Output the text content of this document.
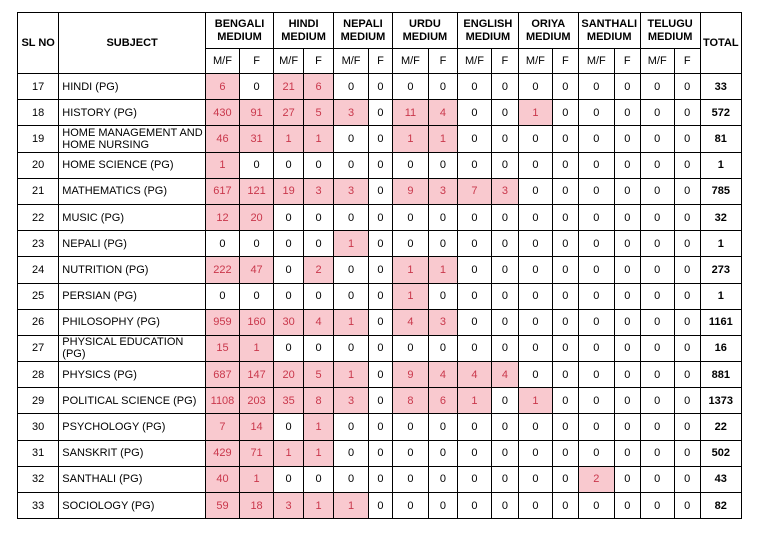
SL NO	SUBJECT	BENGALI MEDIUM		HINDI MEDIUM		NEPALI MEDIUM		URDU MEDIUM		ENGLISH MEDIUM		ORIYA MEDIUM		SANTHALI MEDIUM		TELUGU MEDIUM		TOTAL
		M/F	F	M/F	F	M/F	F	M/F	F	M/F	F	M/F	F	M/F	F	M/F	F	
17	HINDI (PG)	6	0	21	6	0	0	0	0	0	0	0	0	0	0	0	0	33
18	HISTORY (PG)	430	91	27	5	3	0	11	4	0	0	1	0	0	0	0	0	572
19	HOME MANAGEMENT AND HOME NURSING	46	31	1	1	0	0	1	1	0	0	0	0	0	0	0	0	81
20	HOME SCIENCE (PG)	1	0	0	0	0	0	0	0	0	0	0	0	0	0	0	0	1
21	MATHEMATICS (PG)	617	121	19	3	3	0	9	3	7	3	0	0	0	0	0	0	785
22	MUSIC (PG)	12	20	0	0	0	0	0	0	0	0	0	0	0	0	0	0	32
23	NEPALI (PG)	0	0	0	0	1	0	0	0	0	0	0	0	0	0	0	0	1
24	NUTRITION (PG)	222	47	0	2	0	0	1	1	0	0	0	0	0	0	0	0	273
25	PERSIAN (PG)	0	0	0	0	0	0	1	0	0	0	0	0	0	0	0	0	1
26	PHILOSOPHY (PG)	959	160	30	4	1	0	4	3	0	0	0	0	0	0	0	0	1161
27	PHYSICAL EDUCATION (PG)	15	1	0	0	0	0	0	0	0	0	0	0	0	0	0	0	16
28	PHYSICS (PG)	687	147	20	5	1	0	9	4	4	4	0	0	0	0	0	0	881
29	POLITICAL SCIENCE (PG)	1108	203	35	8	3	0	8	6	1	0	1	0	0	0	0	0	1373
30	PSYCHOLOGY (PG)	7	14	0	1	0	0	0	0	0	0	0	0	0	0	0	0	22
31	SANSKRIT (PG)	429	71	1	1	0	0	0	0	0	0	0	0	0	0	0	0	502
32	SANTHALI (PG)	40	1	0	0	0	0	0	0	0	0	0	0	2	0	0	0	43
33	SOCIOLOGY (PG)	59	18	3	1	1	0	0	0	0	0	0	0	0	0	0	0	82
